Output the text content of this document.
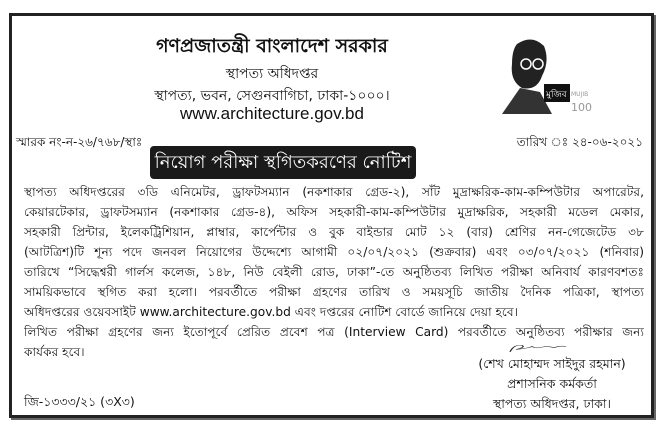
গণপ্রজাতন্ত্রী বাংলাদেশ সরকার
স্থাপত্য অধিদপ্তর
স্থাপত্য, ভবন, সেগুনবাগিচা, ঢাকা-১০০০।
www.architecture.gov.bd
মুজিব MUJIB
100
স্মারক নং-ন-২৬/৭৬৮/স্থাঃ	তারিখ ঃ ২৪-০৬-২০২১
নিয়োগ পরীক্ষা স্থগিতকরণের নোটিশ
স্থাপত্য অধিদপ্তরের ৩ডি এনিমেটর, ড্রাফটসম্যান (নকশাকার গ্রেড-২), সাঁট মুদ্রাক্ষরিক-কাম-কম্পিউটার অপারেটর,
কেয়ারটেকার, ড্রাফটসম্যান (নকশাকার গ্রেড-৪), অফিস সহকারী-কাম-কম্পিউটার মুদ্রাক্ষরিক, সহকারী মডেল মেকার,
সহকারী প্রিন্টার, ইলেকট্রিশিয়ান, প্লাম্বার, কার্পেন্টার ও বুক বাইন্ডার মোট ১২ (বার) শ্রেণির নন-গেজেটেড ৩৮
(আটত্রিশ)টি শূন্য পদে জনবল নিয়োগের উদ্দেশ্যে আগামী ০২/০৭/২০২১ (শুক্রবার) এবং ০৩/০৭/২০২১ (শনিবার)
তারিখে “সিদ্ধেশ্বরী গার্লস কলেজ, ১৪৮, নিউ বেইলী রোড, ঢাকা”-তে অনুষ্ঠিতব্য লিখিত পরীক্ষা অনিবার্য কারণবশতঃ
সাময়িকভাবে স্থগিত করা হলো। পরবর্তীতে পরীক্ষা গ্রহণের তারিখ ও সময়সূচি জাতীয় দৈনিক পত্রিকা, স্থাপত্য
অধিদপ্তরের ওয়েবসাইট www.architecture.gov.bd এবং দপ্তরের নোটিশ বোর্ডে জানিয়ে দেয়া হবে।
লিখিত পরীক্ষা গ্রহণের জন্য ইতোপূর্বে প্রেরিত প্রবেশ পত্র (Interview Card) পরবর্তীতে অনুষ্ঠিতব্য পরীক্ষার জন্য
কার্যকর হবে।
(শেখ মোহাম্মদ সাইদুর রহমান)
প্রশাসনিক কর্মকর্তা
স্থাপত্য অধিদপ্তর, ঢাকা।
জি-১৩৩৩/২১ (৩X৩)
